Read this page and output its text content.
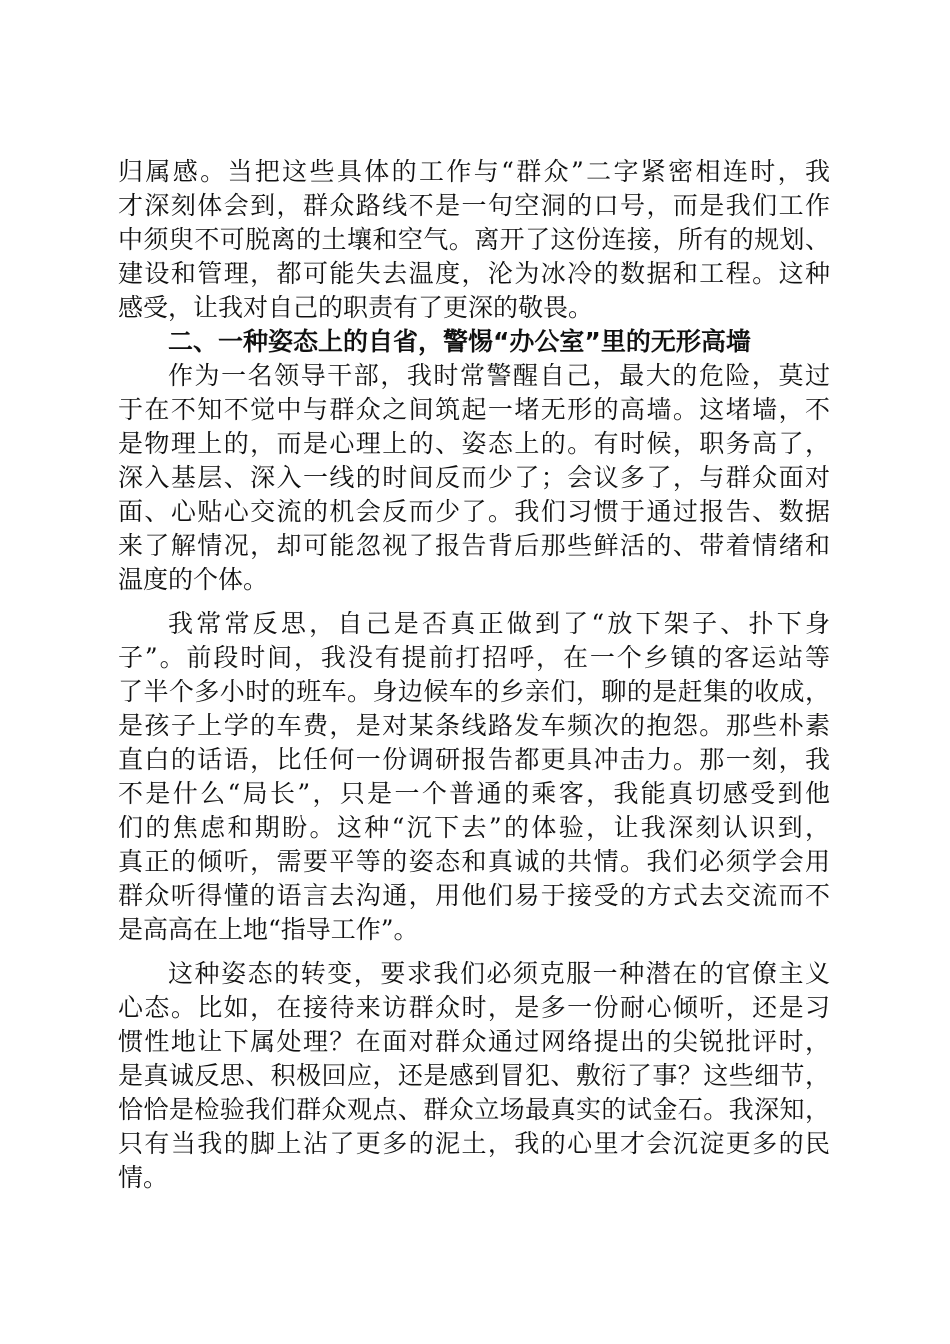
归属感。当把这些具体的工作与“群众”二字紧密相连时，我
才深刻体会到，群众路线不是一句空洞的口号，而是我们工作
中须臾不可脱离的土壤和空气。离开了这份连接，所有的规划、
建设和管理，都可能失去温度，沦为冰冷的数据和工程。这种
感受，让我对自己的职责有了更深的敬畏。
二、一种姿态上的自省，警惕“办公室”里的无形高墙
作为一名领导干部，我时常警醒自己，最大的危险，莫过
于在不知不觉中与群众之间筑起一堵无形的高墙。这堵墙，不
是物理上的，而是心理上的、姿态上的。有时候，职务高了，
深入基层、深入一线的时间反而少了；会议多了，与群众面对
面、心贴心交流的机会反而少了。我们习惯于通过报告、数据
来了解情况，却可能忽视了报告背后那些鲜活的、带着情绪和
温度的个体。
我常常反思，自己是否真正做到了“放下架子、扑下身
子”。前段时间，我没有提前打招呼，在一个乡镇的客运站等
了半个多小时的班车。身边候车的乡亲们，聊的是赶集的收成，
是孩子上学的车费，是对某条线路发车频次的抱怨。那些朴素
直白的话语，比任何一份调研报告都更具冲击力。那一刻，我
不是什么“局长”，只是一个普通的乘客，我能真切感受到他
们的焦虑和期盼。这种“沉下去”的体验，让我深刻认识到，
真正的倾听，需要平等的姿态和真诚的共情。我们必须学会用
群众听得懂的语言去沟通，用他们易于接受的方式去交流而不
是高高在上地“指导工作”。
这种姿态的转变，要求我们必须克服一种潜在的官僚主义
心态。比如，在接待来访群众时，是多一份耐心倾听，还是习
惯性地让下属处理？在面对群众通过网络提出的尖锐批评时，
是真诚反思、积极回应，还是感到冒犯、敷衍了事？这些细节，
恰恰是检验我们群众观点、群众立场最真实的试金石。我深知，
只有当我的脚上沾了更多的泥土，我的心里才会沉淀更多的民
情。
